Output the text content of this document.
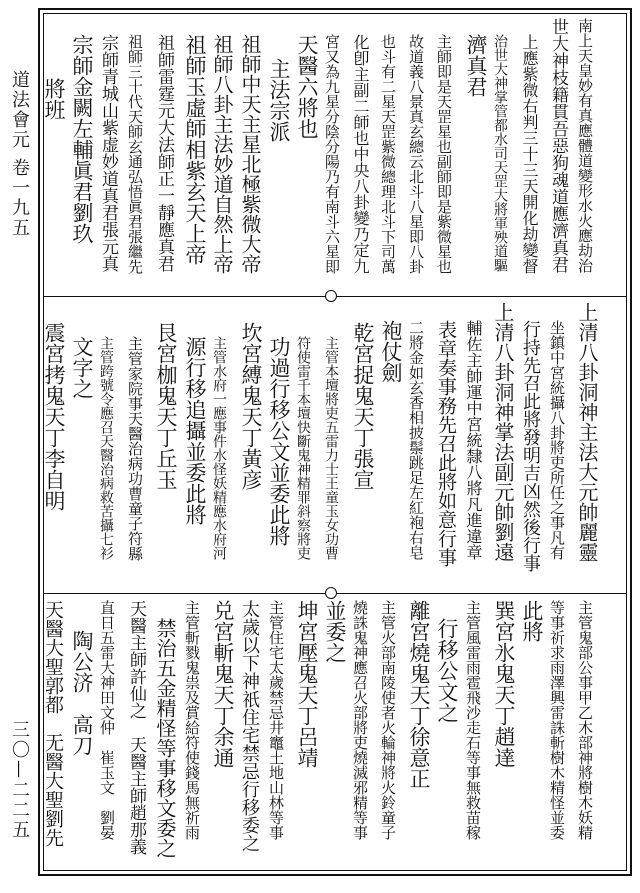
道法會元
卷一九五
三〇—二二五
南上天皇妙有真應體道變形水火應劫治
世大神枝籍貫吾惡狗魂道應濟真君
上應紫微右判三十三天開化劫變督
治世大神掌管都水司天罡大將軍殃道驅
濟真君
主師即是天罡星也副師即是紫微星也
故道義八景真玄總云北斗八星即八卦
也斗有二星天罡紫微總理北斗下司萬
化卽主副二師也中央八卦變乃定九
宮又為九星分陰分陽乃有南斗六星即
天醫六將也
主法宗派
祖師中天主星北極紫微大帝
祖師八卦主法妙道自然上帝
祖師玉虛師相紫玄天上帝
祖師雷霆元大法師正一靜應真君
祖師三十代天師玄通弘悟眞君張繼先
宗師青城山紫虚妙道真君張元真
宗師金闕左輔眞君劉玖
將班
上清八卦洞神主法大元帥麗靈
坐鎮中宮統攝八卦將吏所任之事凡有
行持先召此將發明吉凶然後行事
上清八卦洞神掌法副元帥劉遠
輔佐主帥運中宮統隸八將凡進違章
表章奏事務先召此將如意行事
二將金如玄香相披鬃跳足左紅袍右皂
袍仗劍
乾宮捉鬼天丁張宣
主管本壇將吏五雷力士王童玉女功曹
符使雷千本壇快斷鬼神精罪斜察將吏
功過行移公文並委此將
坎宮縛鬼天丁黃彦
主管水府一應事件水怪妖精應水府河
源行移追攝並委此將
艮宮枷鬼天丁丘玉
主管家院事天醫治病功曹童子符縣
主管跨號令應召天醫治病救苦攝七衫
文字之
震宮拷鬼天丁李自明
主管鬼部公事甲乙木部神將樹木妖精
等事祈求雨澤興雷誅斬樹木精怪並委
此將
巽宮氷鬼天丁趙達
主管風雷雨雹飛沙走石等事無救苗稼
行移公文之
離宮燒鬼天丁徐意正
主管火部南陵使者火輪神將火鈴童子
燒誅鬼神應召火部將吏燒滅邪精等事
並委之
坤宮壓鬼天丁呂靖
主管住宅太歲禁忌井竈土地山林等事
太歲以下神祇住宅禁忌行移委之
兑宮斬鬼天丁余通
主管斬戮鬼祟及賞給符使錢馬無祈雨
禁治五金精怪等事移文委之
天醫主師許仙之　天醫主師趙那義
直日五雷大神田文仲　崔玉文　劉晏
陶公济　高刀
天醫大聖郭都　无醫大聖劉先
